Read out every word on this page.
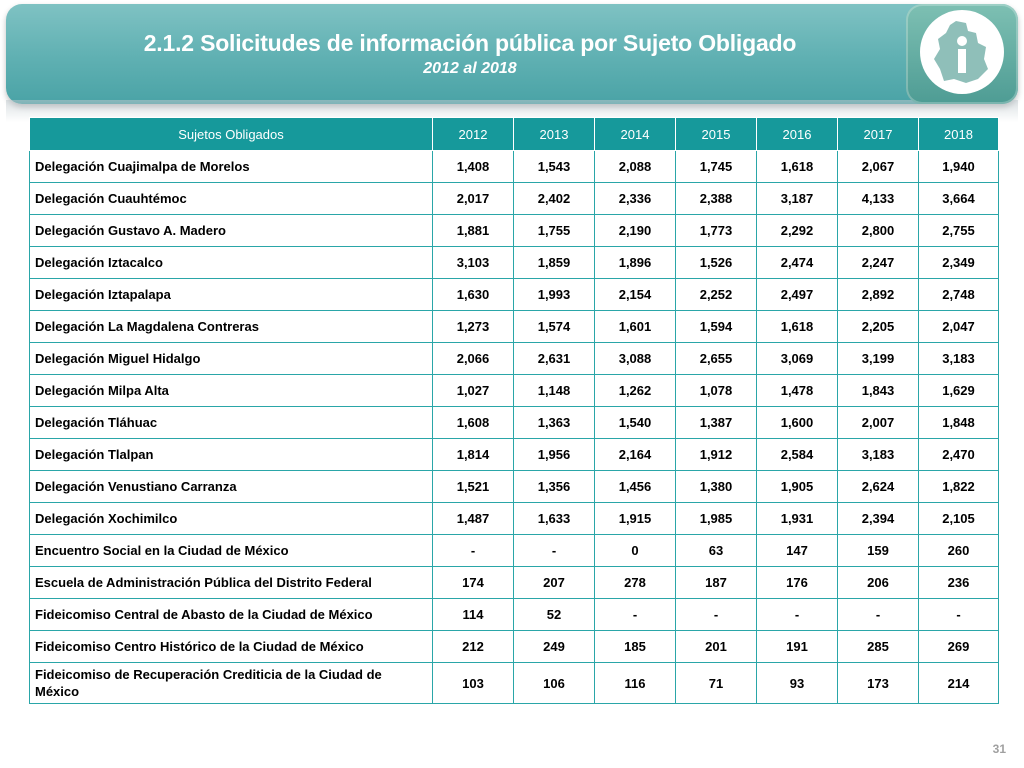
2.1.2 Solicitudes de información pública por Sujeto Obligado
2012 al 2018
Sujetos Obligados	2012	2013	2014	2015	2016	2017	2018
Delegación Cuajimalpa de Morelos	1,408	1,543	2,088	1,745	1,618	2,067	1,940
Delegación Cuauhtémoc	2,017	2,402	2,336	2,388	3,187	4,133	3,664
Delegación Gustavo A. Madero	1,881	1,755	2,190	1,773	2,292	2,800	2,755
Delegación Iztacalco	3,103	1,859	1,896	1,526	2,474	2,247	2,349
Delegación Iztapalapa	1,630	1,993	2,154	2,252	2,497	2,892	2,748
Delegación La Magdalena Contreras	1,273	1,574	1,601	1,594	1,618	2,205	2,047
Delegación Miguel Hidalgo	2,066	2,631	3,088	2,655	3,069	3,199	3,183
Delegación Milpa Alta	1,027	1,148	1,262	1,078	1,478	1,843	1,629
Delegación Tláhuac	1,608	1,363	1,540	1,387	1,600	2,007	1,848
Delegación Tlalpan	1,814	1,956	2,164	1,912	2,584	3,183	2,470
Delegación Venustiano Carranza	1,521	1,356	1,456	1,380	1,905	2,624	1,822
Delegación Xochimilco	1,487	1,633	1,915	1,985	1,931	2,394	2,105
Encuentro Social en la Ciudad de México	-	-	0	63	147	159	260
Escuela de Administración Pública del Distrito Federal	174	207	278	187	176	206	236
Fideicomiso Central de Abasto de la Ciudad de México	114	52	-	-	-	-	-
Fideicomiso Centro Histórico de la Ciudad de México	212	249	185	201	191	285	269
Fideicomiso de Recuperación Crediticia de la Ciudad de México	103	106	116	71	93	173	214
31
